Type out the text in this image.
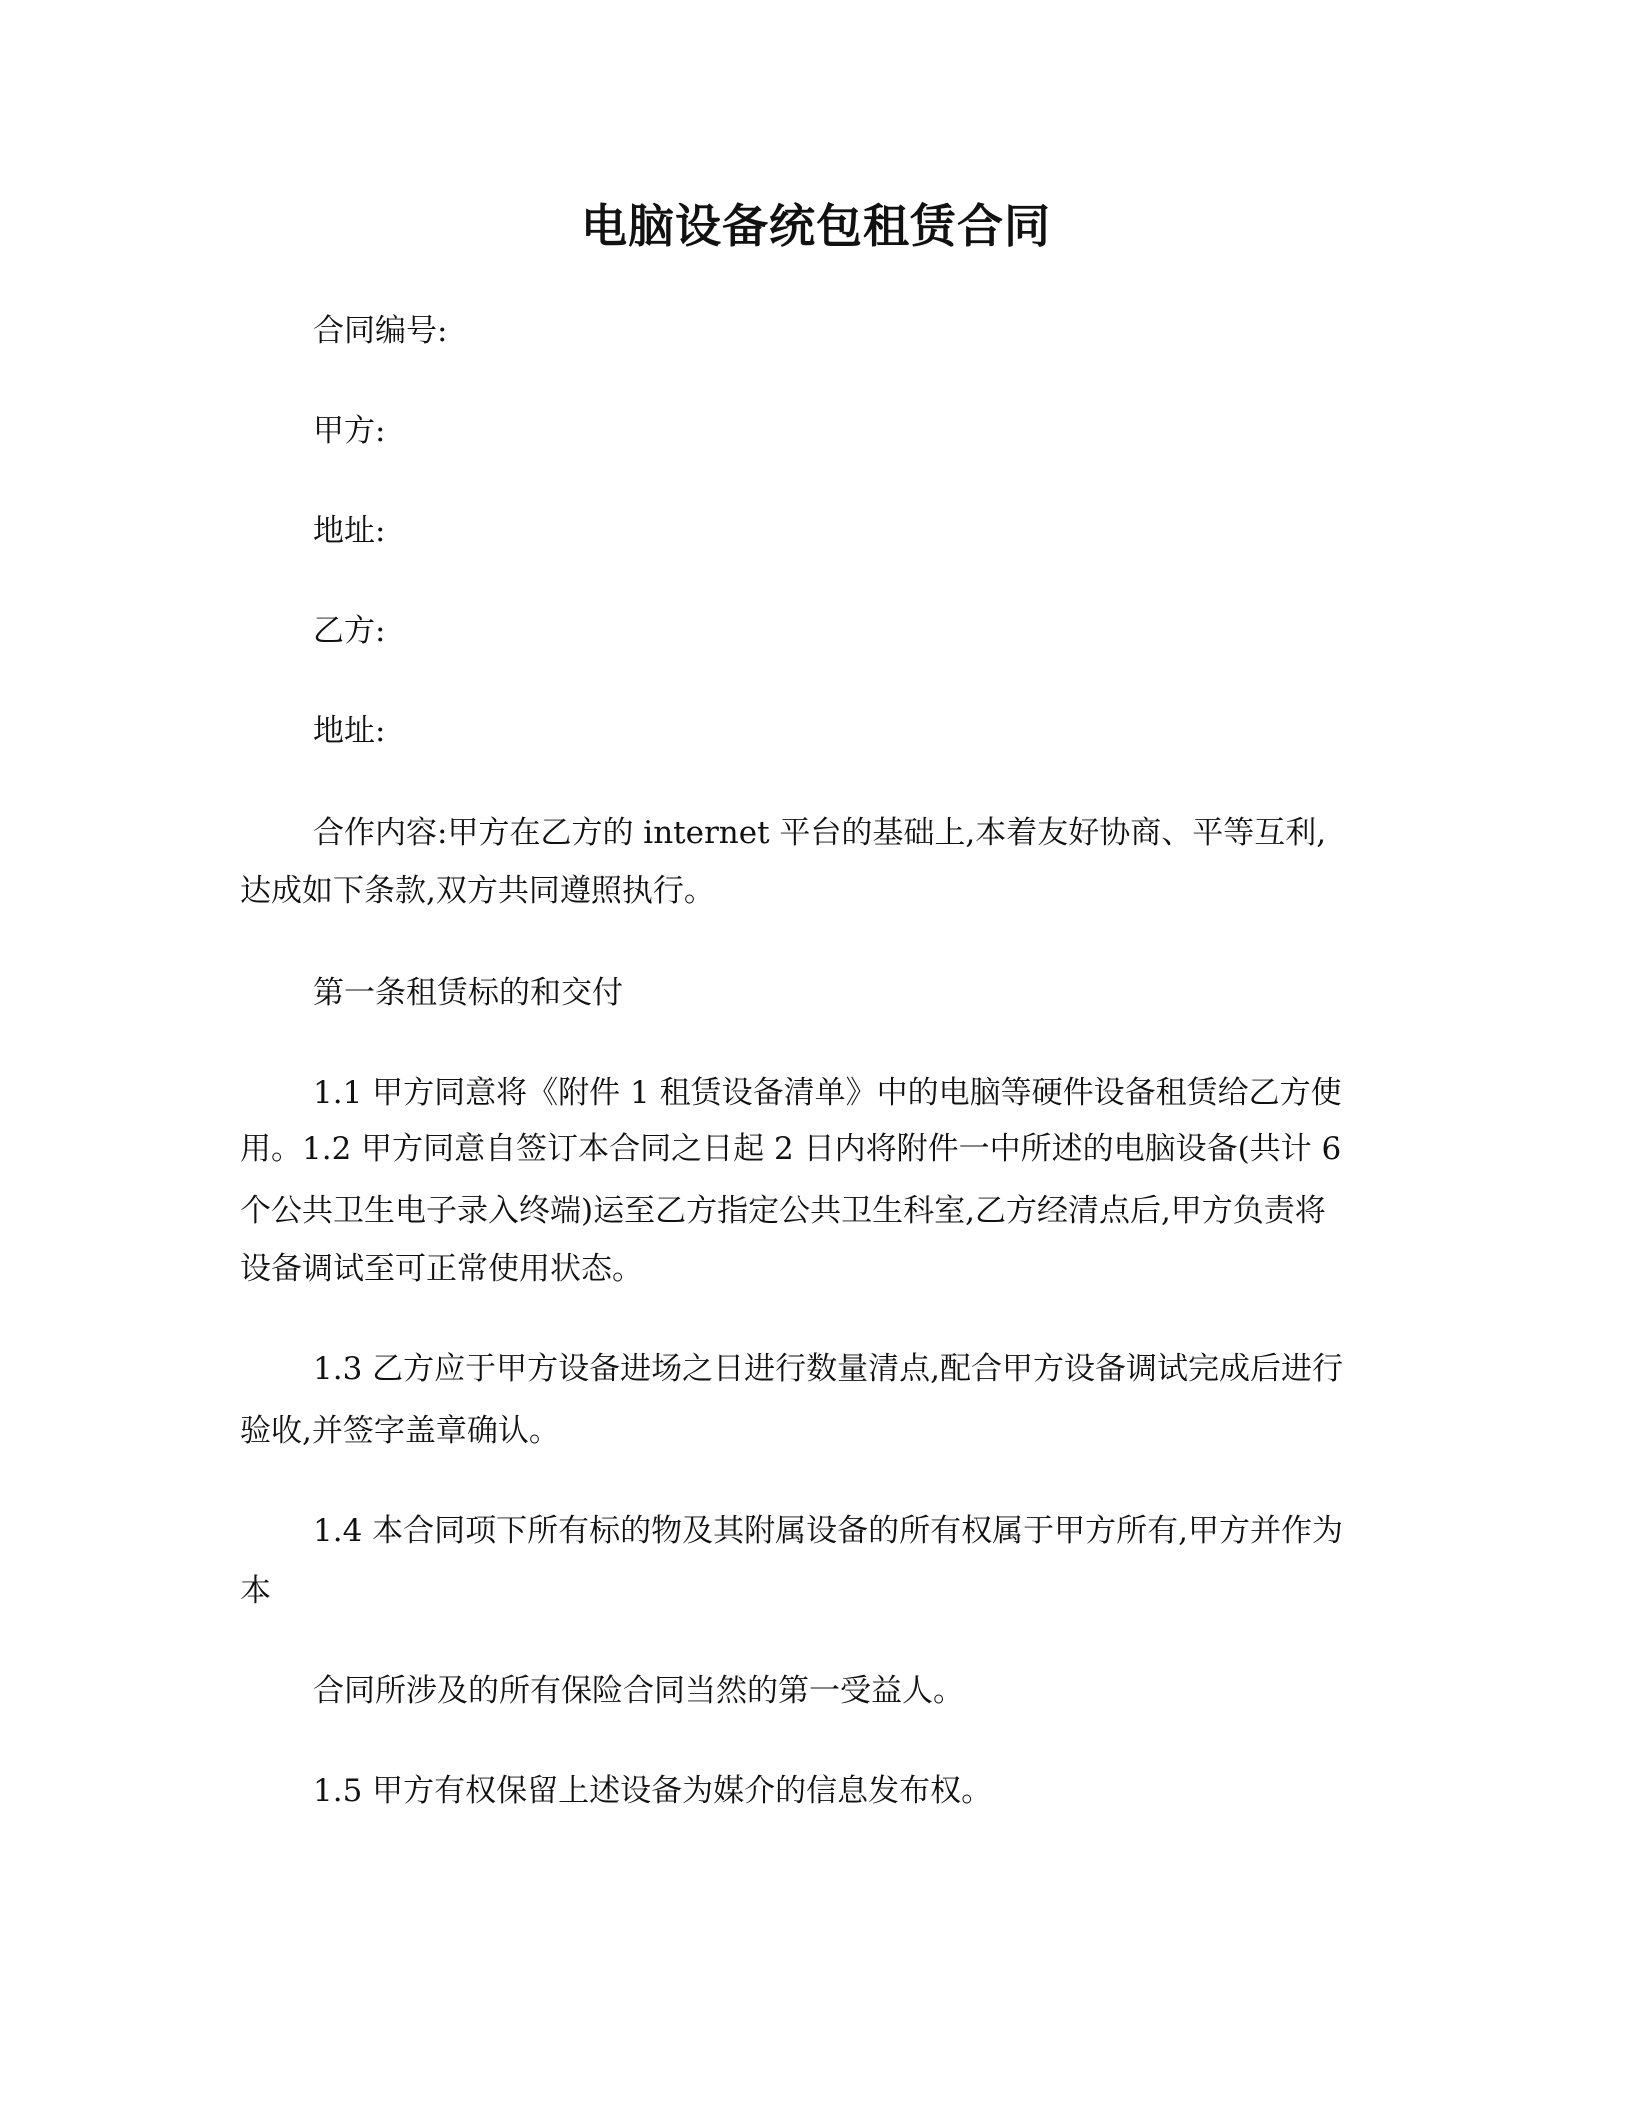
电脑设备统包租赁合同
合同编号:
甲方:
地址:
乙方:
地址:
合作内容:甲方在乙方的 internet 平台的基础上,本着友好协商、平等互利,
达成如下条款,双方共同遵照执行。
第一条租赁标的和交付
1.1 甲方同意将《附件 1 租赁设备清单》中的电脑等硬件设备租赁给乙方使
用。1.2 甲方同意自签订本合同之日起 2 日内将附件一中所述的电脑设备(共计 6
个公共卫生电子录入终端)运至乙方指定公共卫生科室,乙方经清点后,甲方负责将
设备调试至可正常使用状态。
1.3 乙方应于甲方设备进场之日进行数量清点,配合甲方设备调试完成后进行
验收,并签字盖章确认。
1.4 本合同项下所有标的物及其附属设备的所有权属于甲方所有,甲方并作为
本
合同所涉及的所有保险合同当然的第一受益人。
1.5 甲方有权保留上述设备为媒介的信息发布权。
